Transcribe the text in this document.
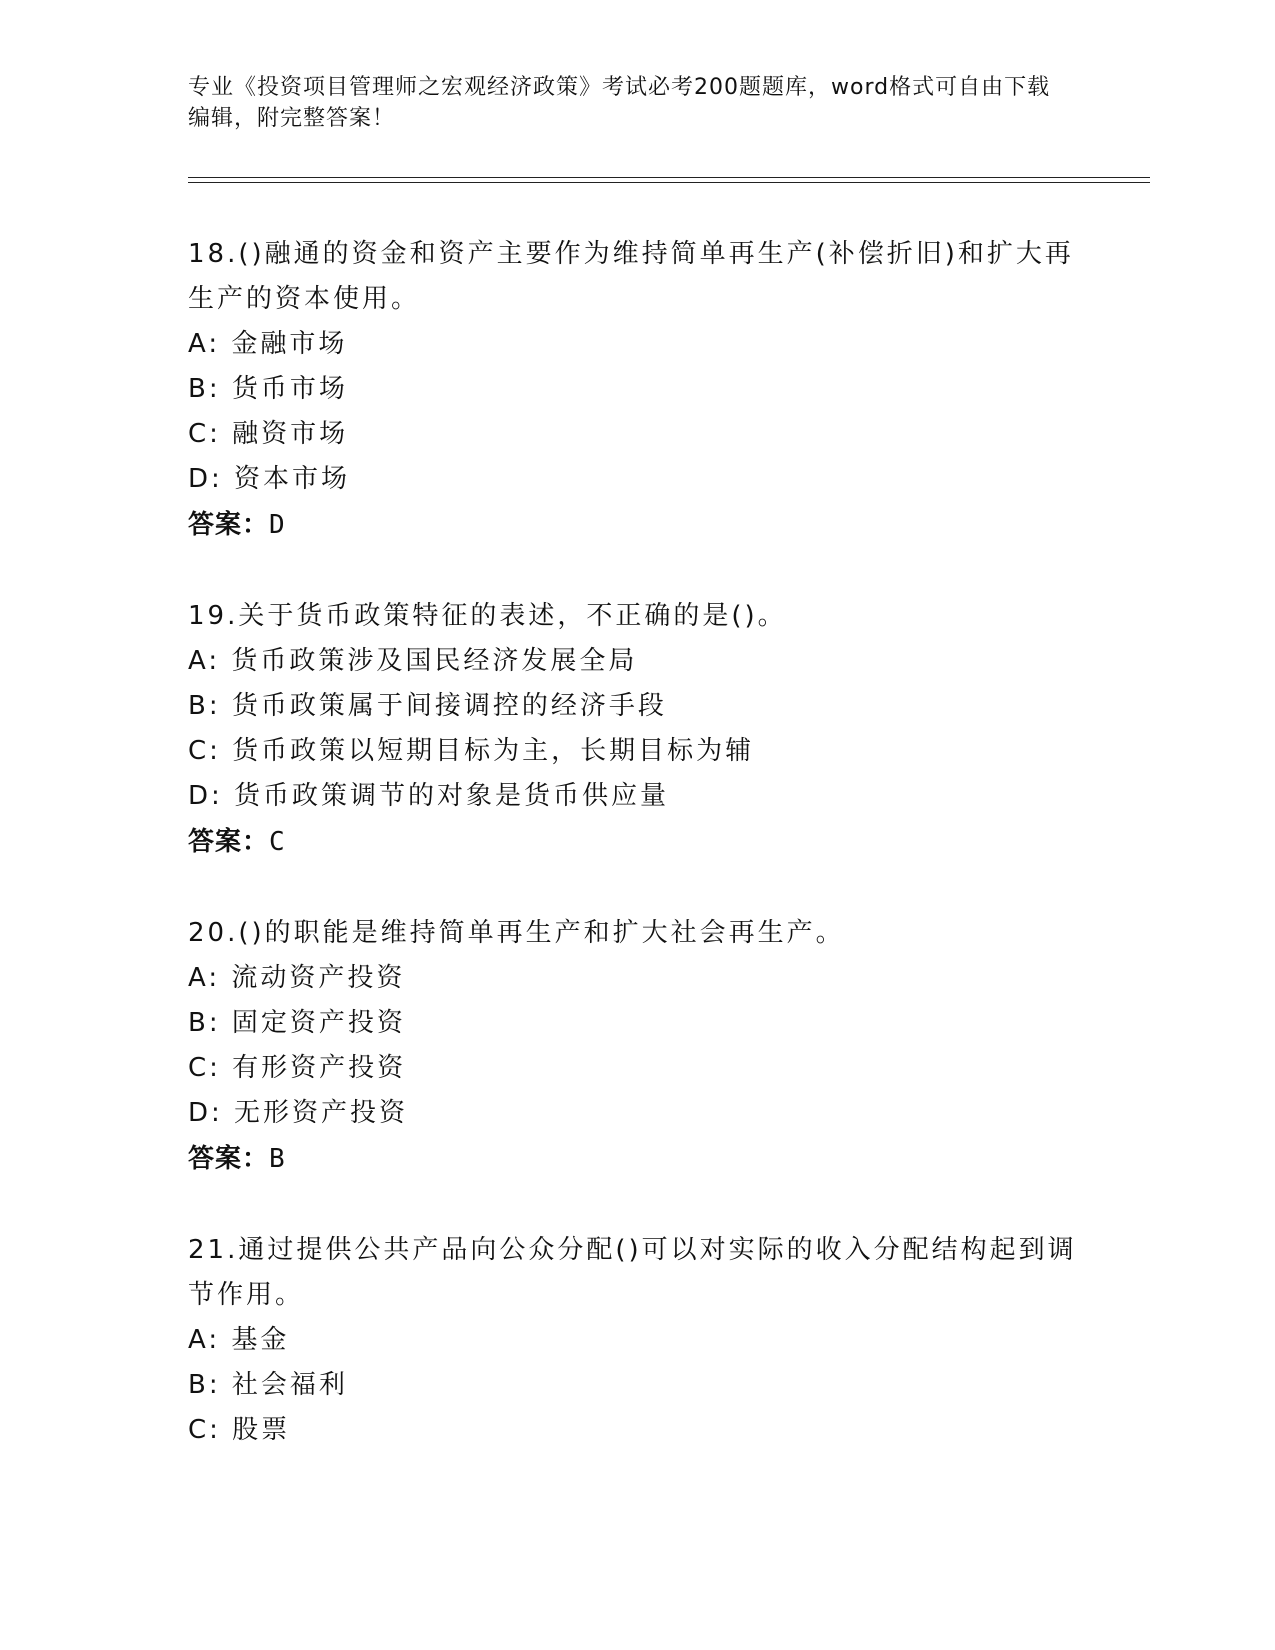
专业《投资项目管理师之宏观经济政策》考试必考200题题库，word格式可自由下载编辑，附完整答案！
18.()融通的资金和资产主要作为维持简单再生产(补偿折旧)和扩大再生产的资本使用。
A: 金融市场
B: 货币市场
C: 融资市场
D: 资本市场
答案：D
19.关于货币政策特征的表述，不正确的是()。
A: 货币政策涉及国民经济发展全局
B: 货币政策属于间接调控的经济手段
C: 货币政策以短期目标为主，长期目标为辅
D: 货币政策调节的对象是货币供应量
答案：C
20.()的职能是维持简单再生产和扩大社会再生产。
A: 流动资产投资
B: 固定资产投资
C: 有形资产投资
D: 无形资产投资
答案：B
21.通过提供公共产品向公众分配()可以对实际的收入分配结构起到调节作用。
A: 基金
B: 社会福利
C: 股票
